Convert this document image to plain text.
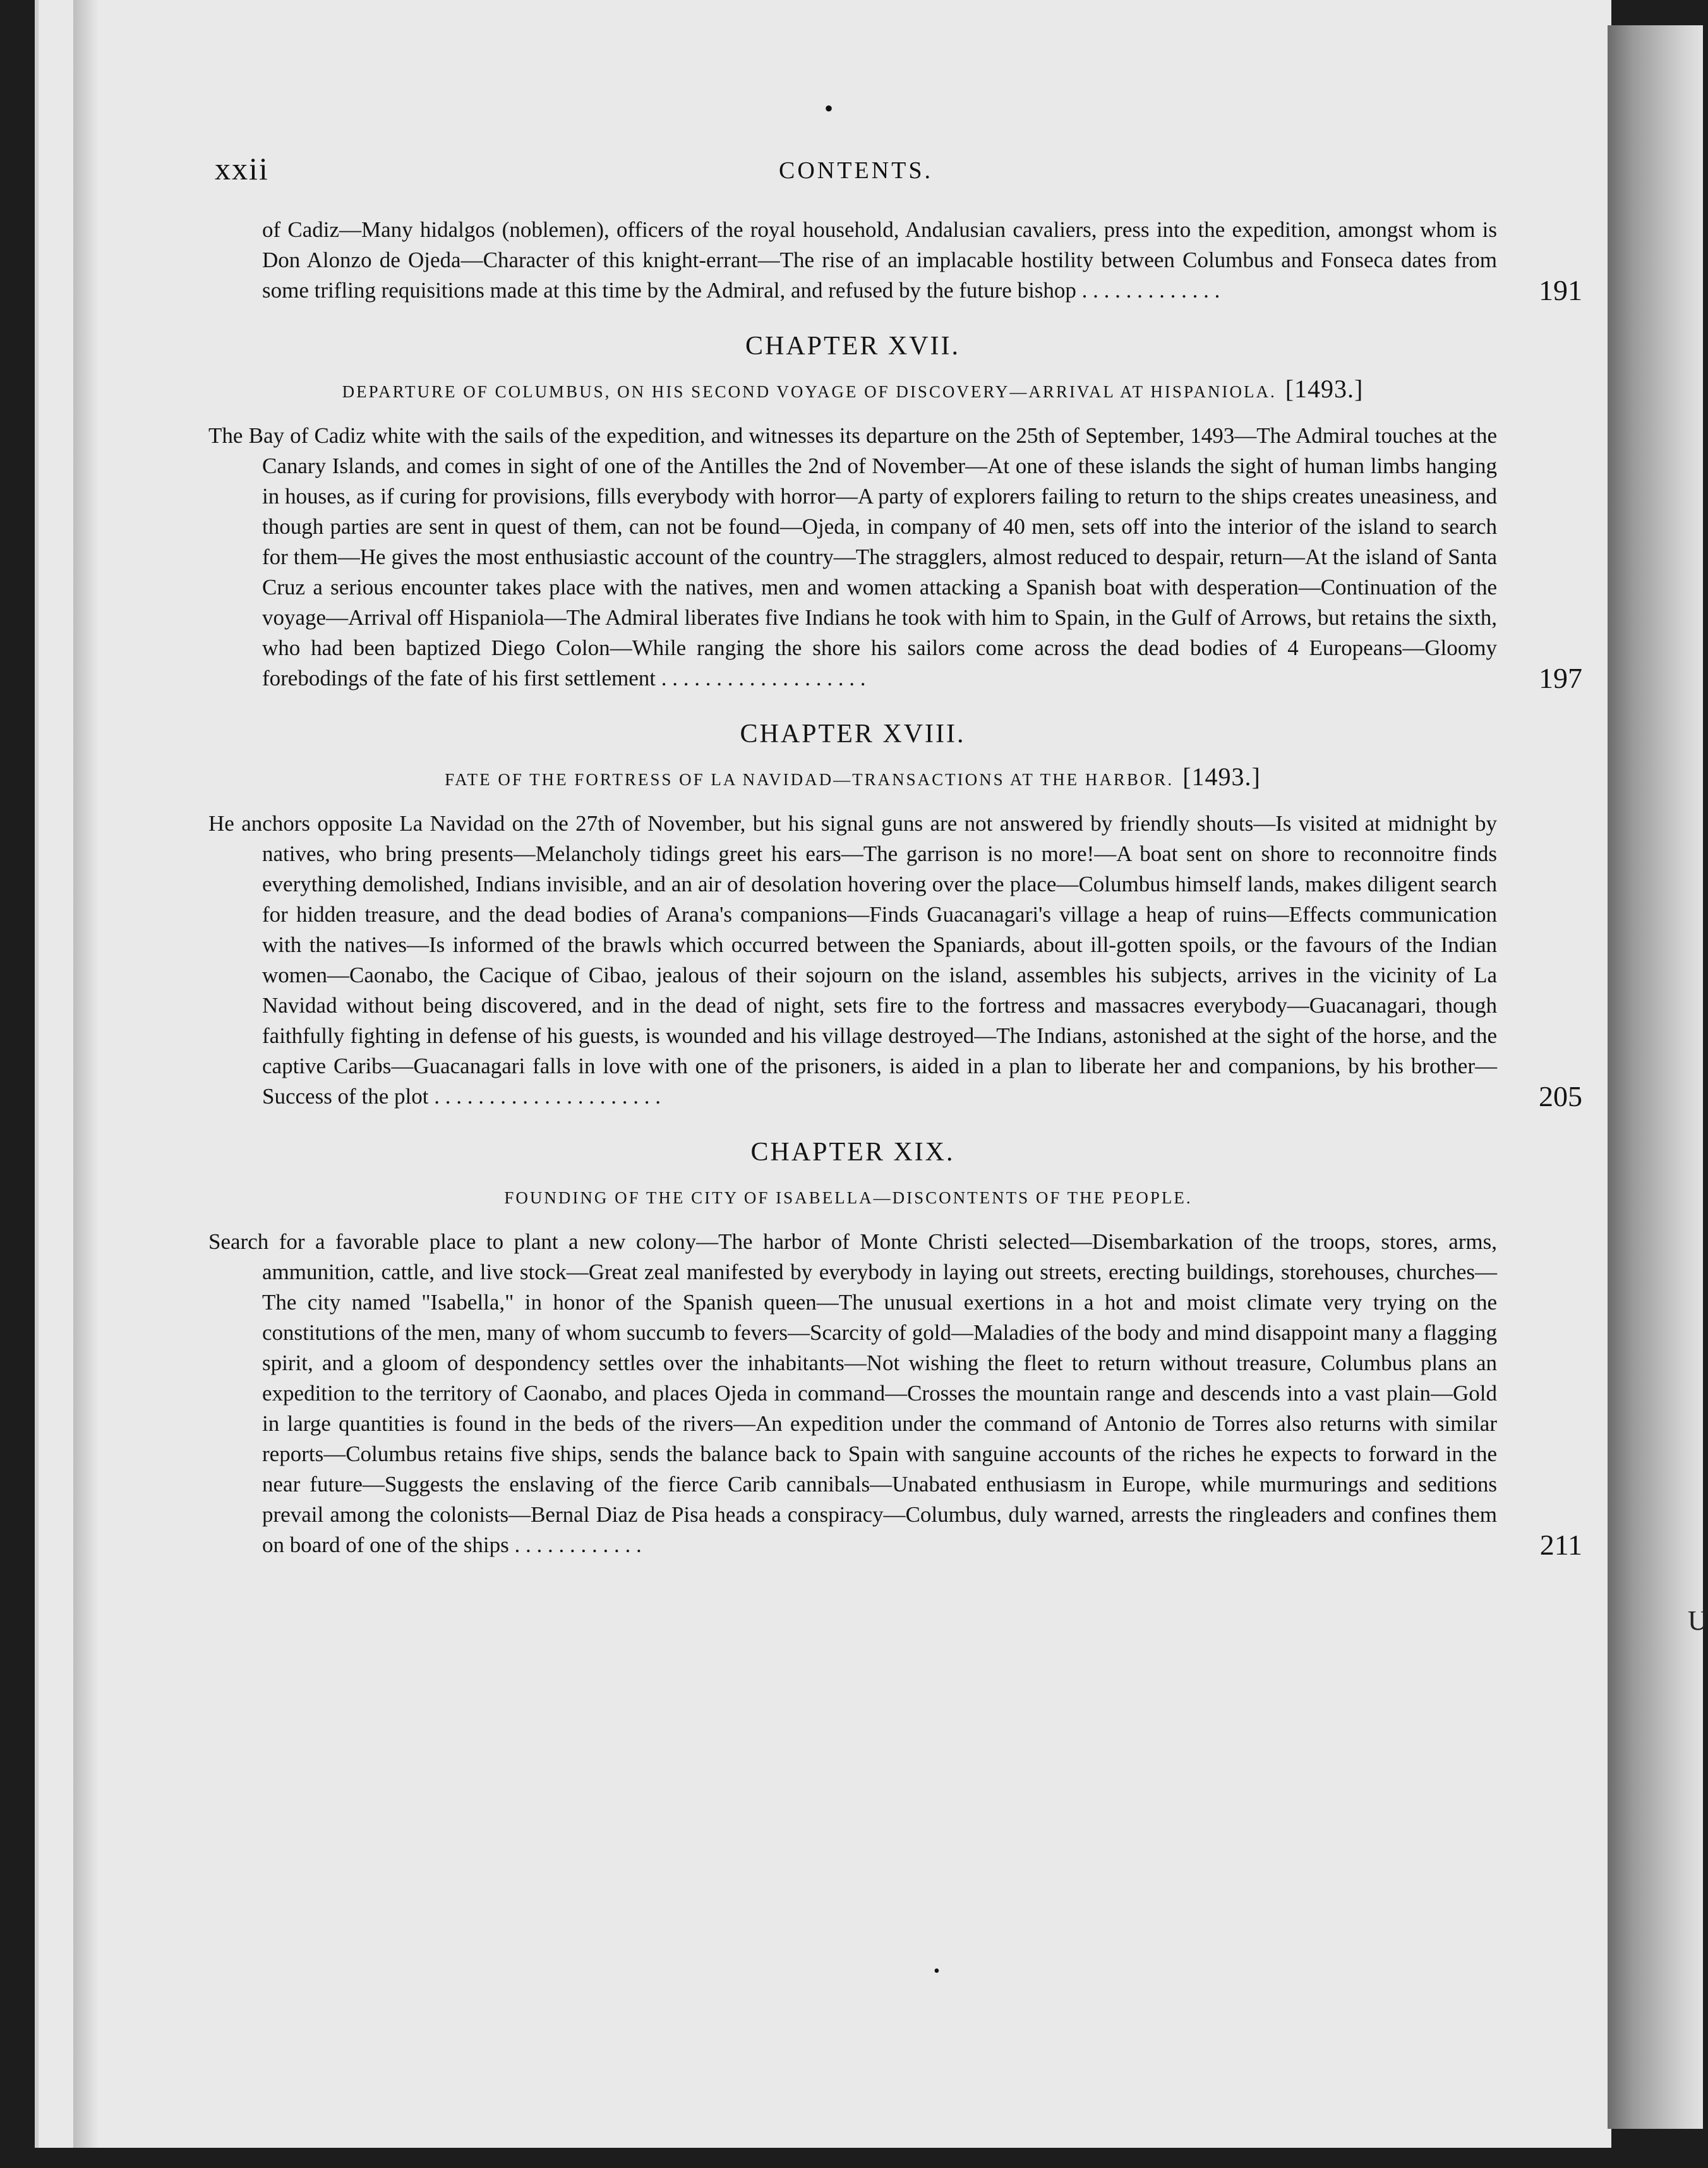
U
•
•
xxii	CONTENTS.

of Cadiz—Many hidalgos (noblemen), officers of the royal household, Andalusian cavaliers, press into the expedition, amongst whom is Don Alonzo de Ojeda—Character of this knight-errant—The rise of an implacable hostility between Columbus and Fonseca dates from some trifling requisitions made at this time by the Admiral, and refused by the future bishop . . . . . . . . . . . . .	191

CHAPTER XVII.
DEPARTURE OF COLUMBUS, ON HIS SECOND VOYAGE OF DISCOVERY—ARRIVAL AT HISPANIOLA. [1493.]

The Bay of Cadiz white with the sails of the expedition, and witnesses its departure on the 25th of September, 1493—The Admiral touches at the Canary Islands, and comes in sight of one of the Antilles the 2nd of November—At one of these islands the sight of human limbs hanging in houses, as if curing for provisions, fills everybody with horror—A party of explorers failing to return to the ships creates uneasiness, and though parties are sent in quest of them, can not be found—Ojeda, in company of 40 men, sets off into the interior of the island to search for them—He gives the most enthusiastic account of the country—The stragglers, almost reduced to despair, return—At the island of Santa Cruz a serious encounter takes place with the natives, men and women attacking a Spanish boat with desperation—Continuation of the voyage—Arrival off Hispaniola—The Admiral liberates five Indians he took with him to Spain, in the Gulf of Arrows, but retains the sixth, who had been baptized Diego Colon—While ranging the shore his sailors come across the dead bodies of 4 Europeans—Gloomy forebodings of the fate of his first settlement . . . . . . . . . . . . . . . . . . .	197

CHAPTER XVIII.
FATE OF THE FORTRESS OF LA NAVIDAD—TRANSACTIONS AT THE HARBOR. [1493.]

He anchors opposite La Navidad on the 27th of November, but his signal guns are not answered by friendly shouts—Is visited at midnight by natives, who bring presents—Melancholy tidings greet his ears—The garrison is no more!—A boat sent on shore to reconnoitre finds everything demolished, Indians invisible, and an air of desolation hovering over the place—Columbus himself lands, makes diligent search for hidden treasure, and the dead bodies of Arana's companions—Finds Guacanagari's village a heap of ruins—Effects communication with the natives—Is informed of the brawls which occurred between the Spaniards, about ill-gotten spoils, or the favours of the Indian women—Caonabo, the Cacique of Cibao, jealous of their sojourn on the island, assembles his subjects, arrives in the vicinity of La Navidad without being discovered, and in the dead of night, sets fire to the fortress and massacres everybody—Guacanagari, though faithfully fighting in defense of his guests, is wounded and his village destroyed—The Indians, astonished at the sight of the horse, and the captive Caribs—Guacanagari falls in love with one of the prisoners, is aided in a plan to liberate her and companions, by his brother—Success of the plot . . . . . . . . . . . . . . . . . . . . .	205

CHAPTER XIX.
FOUNDING OF THE CITY OF ISABELLA—DISCONTENTS OF THE PEOPLE.

Search for a favorable place to plant a new colony—The harbor of Monte Christi selected—Disembarkation of the troops, stores, arms, ammunition, cattle, and live stock—Great zeal manifested by everybody in laying out streets, erecting buildings, storehouses, churches—The city named "Isabella," in honor of the Spanish queen—The unusual exertions in a hot and moist climate very trying on the constitutions of the men, many of whom succumb to fevers—Scarcity of gold—Maladies of the body and mind disappoint many a flagging spirit, and a gloom of despondency settles over the inhabitants—Not wishing the fleet to return without treasure, Columbus plans an expedition to the territory of Caonabo, and places Ojeda in command—Crosses the mountain range and descends into a vast plain—Gold in large quantities is found in the beds of the rivers—An expedition under the command of Antonio de Torres also returns with similar reports—Columbus retains five ships, sends the balance back to Spain with sanguine accounts of the riches he expects to forward in the near future—Suggests the enslaving of the fierce Carib cannibals—Unabated enthusiasm in Europe, while murmurings and seditions prevail among the colonists—Bernal Diaz de Pisa heads a conspiracy—Columbus, duly warned, arrests the ringleaders and confines them on board of one of the ships . . . . . . . . . . . .	211
